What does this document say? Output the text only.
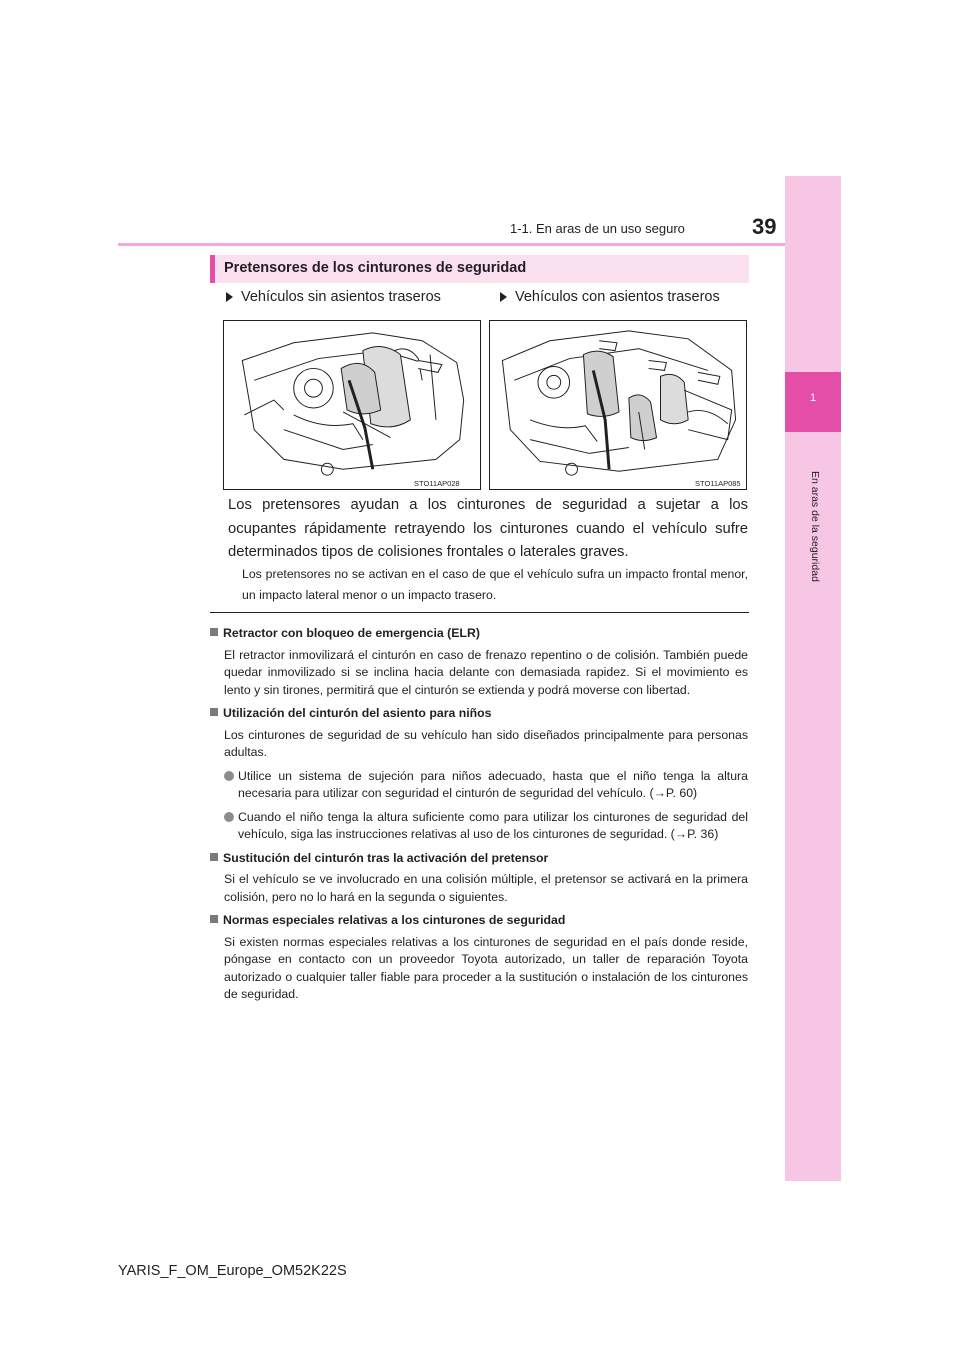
1-1. En aras de un uso seguro	39
1
En aras de la seguridad
Pretensores de los cinturones de seguridad
Vehículos sin asientos traseros	Vehículos con asientos traseros
STO11AP028	STO11AP085
Los pretensores ayudan a los cinturones de seguridad a sujetar a los ocupantes rápidamente retrayendo los cinturones cuando el vehículo sufre determinados tipos de colisiones frontales o laterales graves.
Los pretensores no se activan en el caso de que el vehículo sufra un impacto frontal menor, un impacto lateral menor o un impacto trasero.
Retractor con bloqueo de emergencia (ELR)
El retractor inmovilizará el cinturón en caso de frenazo repentino o de colisión. También puede quedar inmovilizado si se inclina hacia delante con demasiada rapidez. Si el movimiento es lento y sin tirones, permitirá que el cinturón se extienda y podrá moverse con libertad.
Utilización del cinturón del asiento para niños
Los cinturones de seguridad de su vehículo han sido diseñados principalmente para personas adultas.
Utilice un sistema de sujeción para niños adecuado, hasta que el niño tenga la altura necesaria para utilizar con seguridad el cinturón de seguridad del vehículo. (→P. 60)
Cuando el niño tenga la altura suficiente como para utilizar los cinturones de seguridad del vehículo, siga las instrucciones relativas al uso de los cinturones de seguridad. (→P. 36)
Sustitución del cinturón tras la activación del pretensor
Si el vehículo se ve involucrado en una colisión múltiple, el pretensor se activará en la primera colisión, pero no lo hará en la segunda o siguientes.
Normas especiales relativas a los cinturones de seguridad
Si existen normas especiales relativas a los cinturones de seguridad en el país donde reside, póngase en contacto con un proveedor Toyota autorizado, un taller de reparación Toyota autorizado o cualquier taller fiable para proceder a la sustitución o instalación de los cinturones de seguridad.
YARIS_F_OM_Europe_OM52K22S
